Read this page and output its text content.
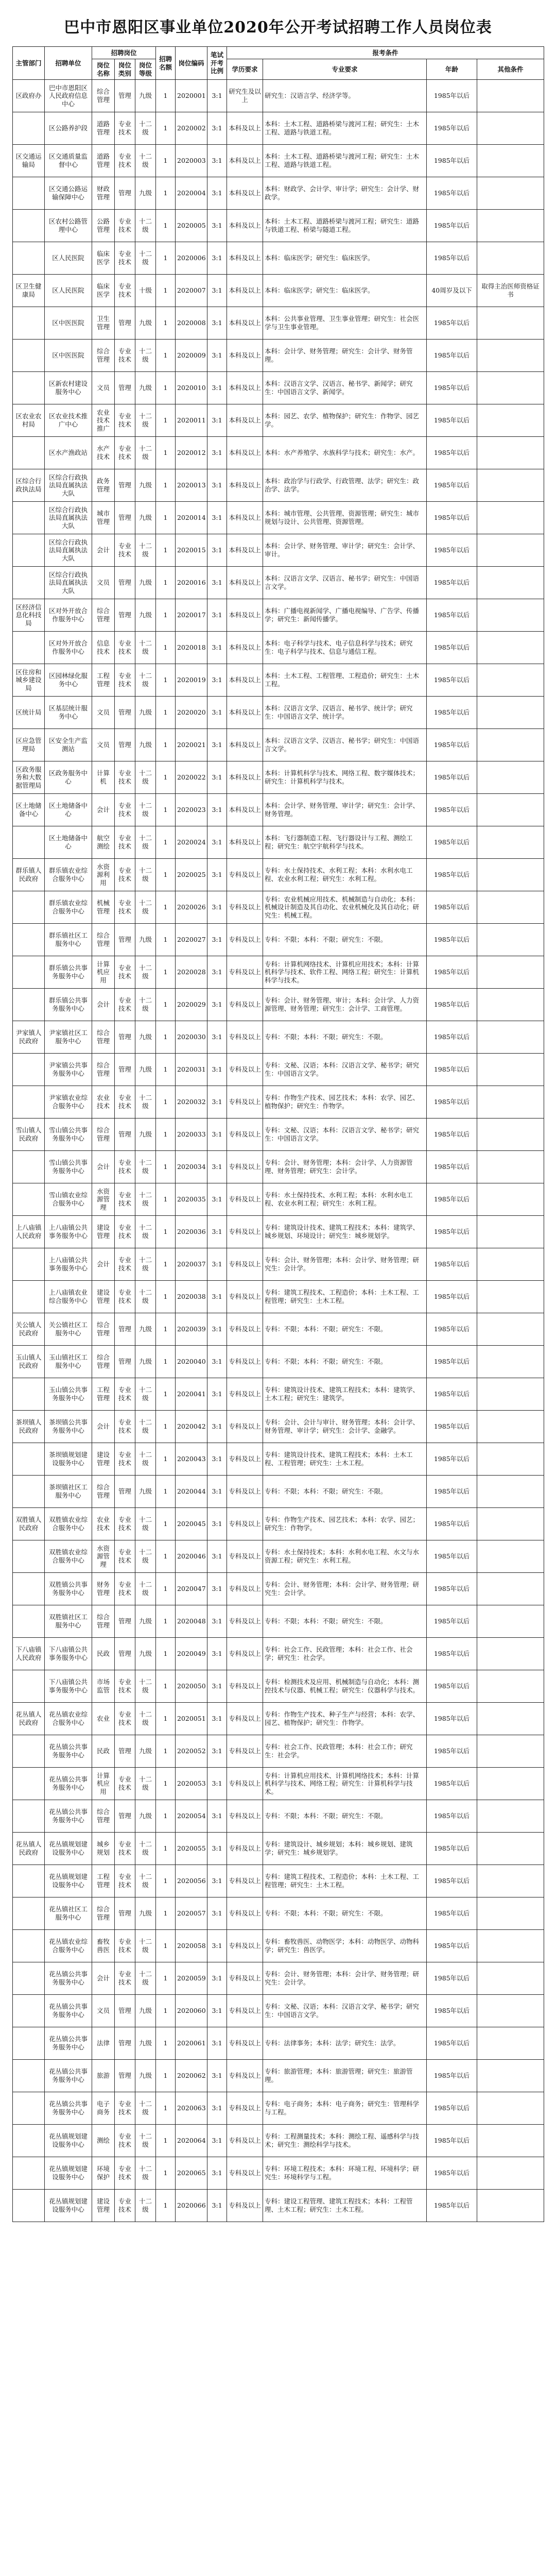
巴中市恩阳区事业单位2020年公开考试招聘工作人员岗位表
主管部门	招聘单位	招聘岗位			招聘名额	岗位编码	笔试开考比例	报考条件			
		岗位名称	岗位类别	岗位等级				学历要求	专业要求	年龄	其他条件
区政府办	巴中市恩阳区人民政府信息中心	综合管理	管理	九级	1	2020001	3:1	研究生及以上	研究生：汉语言学、经济学等。	1985年以后	
	区公路养护段	道路管理	专业技术	十二级	1	2020002	3:1	本科及以上	本科：土木工程、道路桥梁与渡河工程；研究生：土木工程、道路与铁道工程。	1985年以后	
区交通运输局	区交通质量监督中心	道路管理	专业技术	十二级	1	2020003	3:1	本科及以上	本科：土木工程、道路桥梁与渡河工程；研究生：土木工程、道路与铁道工程。	1985年以后	
	区交通公路运输保障中心	财政管理	管理	九级	1	2020004	3:1	本科及以上	本科：财政学、会计学、审计学；研究生：会计学、财政学。	1985年以后	
	区农村公路管理中心	公路管理	专业技术	十二级	1	2020005	3:1	本科及以上	本科：土木工程、道路桥梁与渡河工程；研究生：道路与铁道工程、桥梁与隧道工程。	1985年以后	
	区人民医院	临床医学	专业技术	十二级	1	2020006	3:1	本科及以上	本科：临床医学；研究生：临床医学。	1985年以后	
区卫生健康局	区人民医院	临床医学	专业技术	十级	1	2020007	3:1	本科及以上	本科：临床医学；研究生：临床医学。	40周岁及以下	取得主治医师资格证书
	区中医医院	卫生管理	管理	九级	1	2020008	3:1	本科及以上	本科：公共事业管理、卫生事业管理；研究生：社会医学与卫生事业管理。	1985年以后	
	区中医医院	综合管理	专业技术	十二级	1	2020009	3:1	本科及以上	本科：会计学、财务管理；研究生：会计学、财务管理。	1985年以后	
	区新农村建设服务中心	文员	管理	九级	1	2020010	3:1	本科及以上	本科：汉语言文学、汉语言、秘书学、新闻学；研究生：中国语言文学、新闻学。	1985年以后	
区农业农村局	区农业技术推广中心	农业技术推广	专业技术	十二级	1	2020011	3:1	本科及以上	本科：园艺、农学、植物保护；研究生：作物学、园艺学。	1985年以后	
	区水产渔政站	水产技术	专业技术	十二级	1	2020012	3:1	本科及以上	本科：水产养殖学、水族科学与技术；研究生：水产。	1985年以后	
区综合行政执法局	区综合行政执法局直属执法大队	政务管理	管理	九级	1	2020013	3:1	本科及以上	本科：政治学与行政学、行政管理、法学；研究生：政治学、法学。	1985年以后	
	区综合行政执法局直属执法大队	城市管理	管理	九级	1	2020014	3:1	本科及以上	本科：城市管理、公共管理、资源管理；研究生：城市规划与设计、公共管理、资源管理。	1985年以后	
	区综合行政执法局直属执法大队	会计	专业技术	十二级	1	2020015	3:1	本科及以上	本科：会计学、财务管理、审计学；研究生：会计学、审计。	1985年以后	
	区综合行政执法局直属执法大队	文员	管理	九级	1	2020016	3:1	本科及以上	本科：汉语言文学、汉语言、秘书学；研究生：中国语言文学。	1985年以后	
区经济信息化科技局	区对外开放合作服务中心	综合管理	管理	九级	1	2020017	3:1	本科及以上	本科：广播电视新闻学、广播电视编导、广告学、传播学；研究生：新闻传播学。	1985年以后	
	区对外开放合作服务中心	信息技术	专业技术	十二级	1	2020018	3:1	本科及以上	本科：电子科学与技术、电子信息科学与技术；研究生：电子科学与技术、信息与通信工程。	1985年以后	
区住房和城乡建设局	区园林绿化服务中心	工程管理	专业技术	十二级	1	2020019	3:1	本科及以上	本科：土木工程、工程管理、工程造价；研究生：土木工程。	1985年以后	
区统计局	区基层统计服务中心	文员	管理	九级	1	2020020	3:1	本科及以上	本科：汉语言文学、汉语言、秘书学、统计学；研究生：中国语言文学、统计学。	1985年以后	
区应急管理局	区安全生产监测站	文员	管理	九级	1	2020021	3:1	本科及以上	本科：汉语言文学、汉语言、秘书学；研究生：中国语言文学。	1985年以后	
区政务服务和大数据管理局	区政务服务中心	计算机	专业技术	十二级	1	2020022	3:1	本科及以上	本科：计算机科学与技术、网络工程、数字媒体技术；研究生：计算机科学与技术。	1985年以后	
区土地储备中心	区土地储备中心	会计	专业技术	十二级	1	2020023	3:1	本科及以上	本科：会计学、财务管理、审计学；研究生：会计学、财务管理。	1985年以后	
	区土地储备中心	航空测绘	专业技术	十二级	1	2020024	3:1	本科及以上	本科：飞行器制造工程、飞行器设计与工程、测绘工程；研究生：航空宇航科学与技术。	1985年以后	
群乐镇人民政府	群乐镇农业综合服务中心	水资源利用	专业技术	十二级	1	2020025	3:1	专科及以上	专科：水土保持技术、水利工程；本科：水利水电工程、农业水利工程；研究生：水利工程。	1985年以后	
	群乐镇农业综合服务中心	机械管理	专业技术	十二级	1	2020026	3:1	专科及以上	专科：农业机械应用技术、机械制造与自动化；本科：机械设计制造及其自动化、农业机械化及其自动化；研究生：机械工程。	1985年以后	
	群乐镇社区工服务中心	综合管理	管理	九级	1	2020027	3:1	专科及以上	专科：不限；本科：不限；研究生：不限。	1985年以后	
	群乐镇公共事务服务中心	计算机应用	专业技术	十二级	1	2020028	3:1	专科及以上	专科：计算机网络技术、计算机应用技术；本科：计算机科学与技术、软件工程、网络工程；研究生：计算机科学与技术。	1985年以后	
	群乐镇公共事务服务中心	会计	专业技术	十二级	1	2020029	3:1	专科及以上	专科：会计、财务管理、审计；本科：会计学、人力资源管理、财务管理；研究生：会计学、工商管理。	1985年以后	
尹家镇人民政府	尹家镇社区工服务中心	综合管理	管理	九级	1	2020030	3:1	专科及以上	专科：不限；本科：不限；研究生：不限。	1985年以后	
	尹家镇公共事务服务中心	综合管理	管理	九级	1	2020031	3:1	专科及以上	专科：文秘、汉语；本科：汉语言文学、秘书学；研究生：中国语言文学。	1985年以后	
	尹家镇农业综合服务中心	农业技术	专业技术	十二级	1	2020032	3:1	专科及以上	专科：作物生产技术、园艺技术；本科：农学、园艺、植物保护；研究生：作物学。	1985年以后	
雪山镇人民政府	雪山镇公共事务服务中心	综合管理	管理	九级	1	2020033	3:1	专科及以上	专科：文秘、汉语；本科：汉语言文学、秘书学；研究生：中国语言文学。	1985年以后	
	雪山镇公共事务服务中心	会计	专业技术	十二级	1	2020034	3:1	专科及以上	专科：会计、财务管理；本科：会计学、人力资源管理、财务管理；研究生：会计学。	1985年以后	
	雪山镇农业综合服务中心	水资源管理	专业技术	十二级	1	2020035	3:1	专科及以上	专科：水土保持技术、水利工程；本科：水利水电工程、农业水利工程；研究生：水利工程。	1985年以后	
上八庙镇人民政府	上八庙镇公共事务服务中心	建设管理	专业技术	十二级	1	2020036	3:1	专科及以上	专科：建筑设计技术、建筑工程技术；本科：建筑学、城乡规划、环境设计；研究生：城乡规划学。	1985年以后	
	上八庙镇公共事务服务中心	会计	专业技术	十二级	1	2020037	3:1	专科及以上	专科：会计、财务管理；本科：会计学、财务管理；研究生：会计学。	1985年以后	
	上八庙镇农业综合服务中心	建设管理	专业技术	十二级	1	2020038	3:1	专科及以上	专科：建筑工程技术、工程造价；本科：土木工程、工程管理；研究生：土木工程。	1985年以后	
关公镇人民政府	关公镇社区工服务中心	综合管理	管理	九级	1	2020039	3:1	专科及以上	专科：不限；本科：不限；研究生：不限。	1985年以后	
玉山镇人民政府	玉山镇社区工服务中心	综合管理	管理	九级	1	2020040	3:1	专科及以上	专科：不限；本科：不限；研究生：不限。	1985年以后	
	玉山镇公共事务服务中心	工程管理	专业技术	十二级	1	2020041	3:1	专科及以上	专科：建筑设计技术、建筑工程技术；本科：建筑学、土木工程；研究生：建筑学。	1985年以后	
茶坝镇人民政府	茶坝镇公共事务服务中心	会计	专业技术	十二级	1	2020042	3:1	专科及以上	专科：会计、会计与审计、财务管理；本科：会计学、财务管理、审计学；研究生：会计学、金融学。	1985年以后	
	茶坝镇规划建设服务中心	建设管理	专业技术	十二级	1	2020043	3:1	专科及以上	专科：建筑设计技术、建筑工程技术；本科：土木工程、工程管理；研究生：土木工程。	1985年以后	
	茶坝镇社区工服务中心	综合管理	管理	九级	1	2020044	3:1	专科及以上	专科：不限；本科：不限；研究生：不限。	1985年以后	
双胜镇人民政府	双胜镇农业综合服务中心	农业技术	专业技术	十二级	1	2020045	3:1	专科及以上	专科：作物生产技术、园艺技术；本科：农学、园艺；研究生：作物学。	1985年以后	
	双胜镇农业综合服务中心	水资源管理	专业技术	十二级	1	2020046	3:1	专科及以上	专科：水土保持技术；本科：水利水电工程、水文与水资源工程；研究生：水利工程。	1985年以后	
	双胜镇公共事务服务中心	财务管理	专业技术	十二级	1	2020047	3:1	专科及以上	专科：会计、财务管理；本科：会计学、财务管理；研究生：会计学。	1985年以后	
	双胜镇社区工服务中心	综合管理	管理	九级	1	2020048	3:1	专科及以上	专科：不限；本科：不限；研究生：不限。	1985年以后	
下八庙镇人民政府	下八庙镇公共事务服务中心	民政	管理	九级	1	2020049	3:1	专科及以上	专科：社会工作、民政管理；本科：社会工作、社会学；研究生：社会学。	1985年以后	
	下八庙镇公共事务服务中心	市场监管	专业技术	十二级	1	2020050	3:1	专科及以上	专科：检测技术及应用、机械制造与自动化；本科：测控技术与仪器、机械工程；研究生：仪器科学与技术。	1985年以后	
花丛镇人民政府	花丛镇农业综合服务中心	农业	专业技术	十二级	1	2020051	3:1	专科及以上	专科：作物生产技术、种子生产与经营；本科：农学、园艺、植物保护；研究生：作物学。	1985年以后	
	花丛镇公共事务服务中心	民政	管理	九级	1	2020052	3:1	专科及以上	专科：社会工作、民政管理；本科：社会工作；研究生：社会学。	1985年以后	
	花丛镇公共事务服务中心	计算机应用	专业技术	十二级	1	2020053	3:1	专科及以上	专科：计算机应用技术、计算机网络技术；本科：计算机科学与技术、网络工程；研究生：计算机科学与技术。	1985年以后	
	花丛镇公共事务服务中心	综合管理	管理	九级	1	2020054	3:1	专科及以上	专科：不限；本科：不限；研究生：不限。	1985年以后	
花丛镇人民政府	花丛镇规划建设服务中心	城乡规划	专业技术	十二级	1	2020055	3:1	专科及以上	专科：建筑设计、城乡规划；本科：城乡规划、建筑学；研究生：城乡规划学。	1985年以后	
	花丛镇规划建设服务中心	工程管理	专业技术	十二级	1	2020056	3:1	专科及以上	专科：建筑工程技术、工程造价；本科：土木工程、工程管理；研究生：土木工程。	1985年以后	
	花丛镇社区工服务中心	综合管理	管理	九级	1	2020057	3:1	专科及以上	专科：不限；本科：不限；研究生：不限。	1985年以后	
	花丛镇农业综合服务中心	畜牧兽医	专业技术	十二级	1	2020058	3:1	专科及以上	专科：畜牧兽医、动物医学；本科：动物医学、动物科学；研究生：兽医学。	1985年以后	
	花丛镇公共事务服务中心	会计	专业技术	十二级	1	2020059	3:1	专科及以上	专科：会计、财务管理；本科：会计学、财务管理；研究生：会计学。	1985年以后	
	花丛镇公共事务服务中心	文员	管理	九级	1	2020060	3:1	专科及以上	专科：文秘、汉语；本科：汉语言文学、秘书学；研究生：中国语言文学。	1985年以后	
	花丛镇公共事务服务中心	法律	管理	九级	1	2020061	3:1	专科及以上	专科：法律事务；本科：法学；研究生：法学。	1985年以后	
	花丛镇公共事务服务中心	旅游	管理	九级	1	2020062	3:1	专科及以上	专科：旅游管理；本科：旅游管理；研究生：旅游管理。	1985年以后	
	花丛镇公共事务服务中心	电子商务	专业技术	十二级	1	2020063	3:1	专科及以上	专科：电子商务；本科：电子商务；研究生：管理科学与工程。	1985年以后	
	花丛镇规划建设服务中心	测绘	专业技术	十二级	1	2020064	3:1	专科及以上	专科：工程测量技术；本科：测绘工程、遥感科学与技术；研究生：测绘科学与技术。	1985年以后	
	花丛镇规划建设服务中心	环境保护	专业技术	十二级	1	2020065	3:1	专科及以上	专科：环境工程技术；本科：环境工程、环境科学；研究生：环境科学与工程。	1985年以后	
	花丛镇规划建设服务中心	建设管理	专业技术	十二级	1	2020066	3:1	专科及以上	专科：建设工程管理、建筑工程技术；本科：工程管理、土木工程；研究生：土木工程。	1985年以后	
